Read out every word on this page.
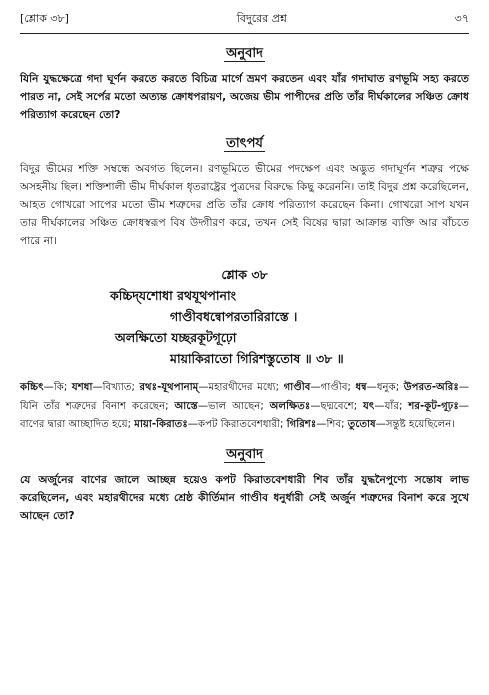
[শ্লোক ৩৮]	বিদুরের প্রশ্ন	৩৭
অনুবাদ

যিনি যুদ্ধক্ষেত্রে গদা ঘূর্ণন করতে করতে বিচিত্র মার্গে ভ্রমণ করতেন এবং যাঁর গদাঘাত রণভূমি সহ্য করতে পারত না, সেই সর্পের মতো অত্যন্ত ক্রোধপরায়ণ, অজেয় ভীম পাপীদের প্রতি তাঁর দীর্ঘকালের সঞ্চিত ক্রোধ পরিত্যাগ করেছেন তো?

তাৎপর্য

বিদুর ভীমের শক্তি সম্বন্ধে অবগত ছিলেন। রণভূমিতে ভীমের পদক্ষেপ এবং অদ্ভুত গদাঘূর্ণন শত্রুর পক্ষে অসহনীয় ছিল। শক্তিশালী ভীম দীর্ঘকাল ধৃতরাষ্ট্রের পুত্রদের বিরুদ্ধে কিছু করেননি। তাই বিদুর প্রশ্ন করেছিলেন, আহত গোখরো সাপের মতো ভীম শত্রুদের প্রতি তাঁর ক্রোধ পরিত্যাগ করেছেন কিনা। গোখরো সাপ যখন তার দীর্ঘকালের সঞ্চিত ক্রোধস্বরূপ বিষ উদ্গীরণ করে, তখন সেই বিষের দ্বারা আক্রান্ত ব্যক্তি আর বাঁচতে পারে না।

শ্লোক ৩৮
কচ্চিদ্‌যশোধা রথযূথপানাং
গাণ্ডীবধন্বোপরতারিরাস্তে ।
অলক্ষিতো যচ্ছরকূটগূঢ়ো
মায়াকিরাতো গিরিশস্তুতোষ ॥ ৩৮ ॥

কচ্চিৎ—কি; যশধা—বিখ্যাত; রথঃ-যূথপানাম্—মহারথীদের মধ্যে; গাণ্ডীব—গাণ্ডীব; ধন্ব—ধনুক; উপরত-অরিঃ—যিনি তাঁর শত্রুদের বিনাশ করেছেন; আস্তে—ভাল আছেন; অলক্ষিতঃ—ছদ্মবেশে; যৎ—যাঁর; শর-কূট-গূঢ়ঃ—বাণের দ্বারা আচ্ছাদিত হয়ে; মায়া-কিরাতঃ—কপট কিরাতবেশধারী; গিরিশঃ—শিব; তুতোষ—সন্তুষ্ট হয়েছিলেন।

অনুবাদ

যে অর্জুনের বাণের জালে আচ্ছন্ন হয়েও কপট কিরাতবেশধারী শিব তাঁর যুদ্ধনৈপুণ্যে সন্তোষ লাভ করেছিলেন, এবং মহারথীদের মধ্যে শ্রেষ্ঠ কীর্তিমান গাণ্ডীব ধনুর্ধারী সেই অর্জুন শত্রুদের বিনাশ করে সুখে আছেন তো?
